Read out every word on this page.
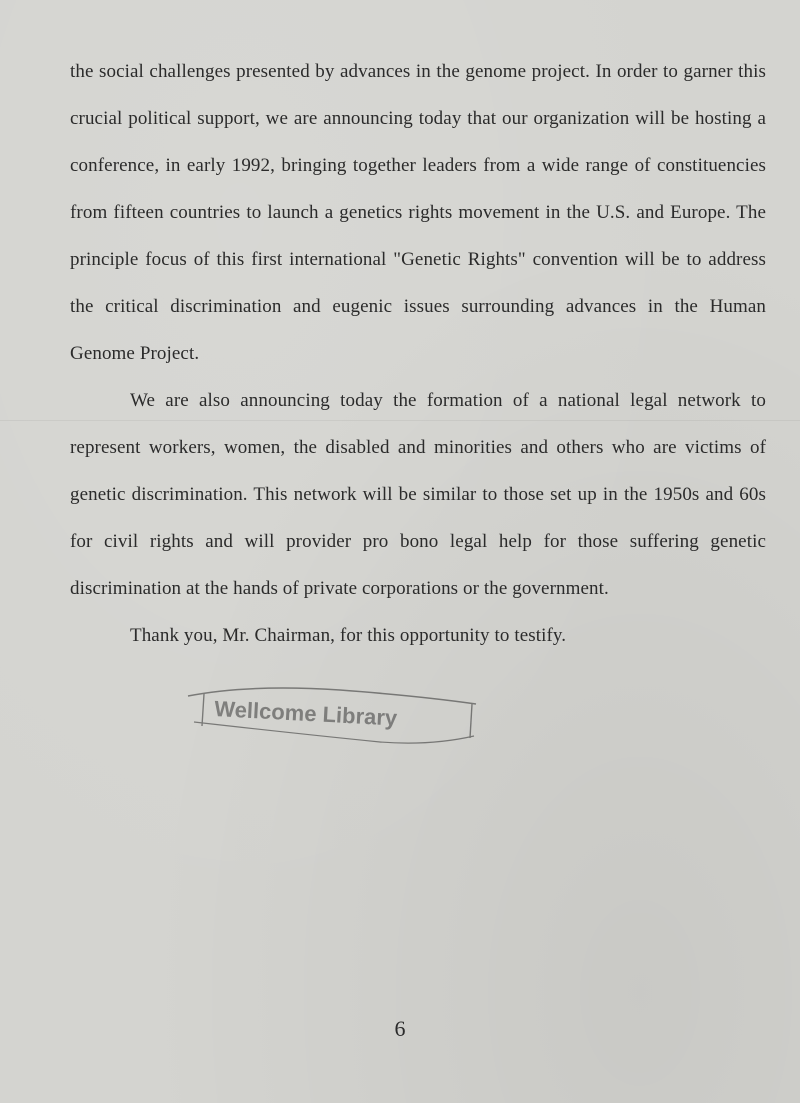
the social challenges presented by advances in the genome project. In order to garner this crucial political support, we are announcing today that our organization will be hosting a conference, in early 1992, bringing together leaders from a wide range of constituencies from fifteen countries to launch a genetics rights movement in the U.S. and Europe. The principle focus of this first international "Genetic Rights" convention will be to address the critical discrimination and eugenic issues surrounding advances in the Human Genome Project.

We are also announcing today the formation of a national legal network to represent workers, women, the disabled and minorities and others who are victims of genetic discrimination. This network will be similar to those set up in the 1950s and 60s for civil rights and will provider pro bono legal help for those suffering genetic discrimination at the hands of private corporations or the government.

Thank you, Mr. Chairman, for this opportunity to testify.

Wellcome Library
6
